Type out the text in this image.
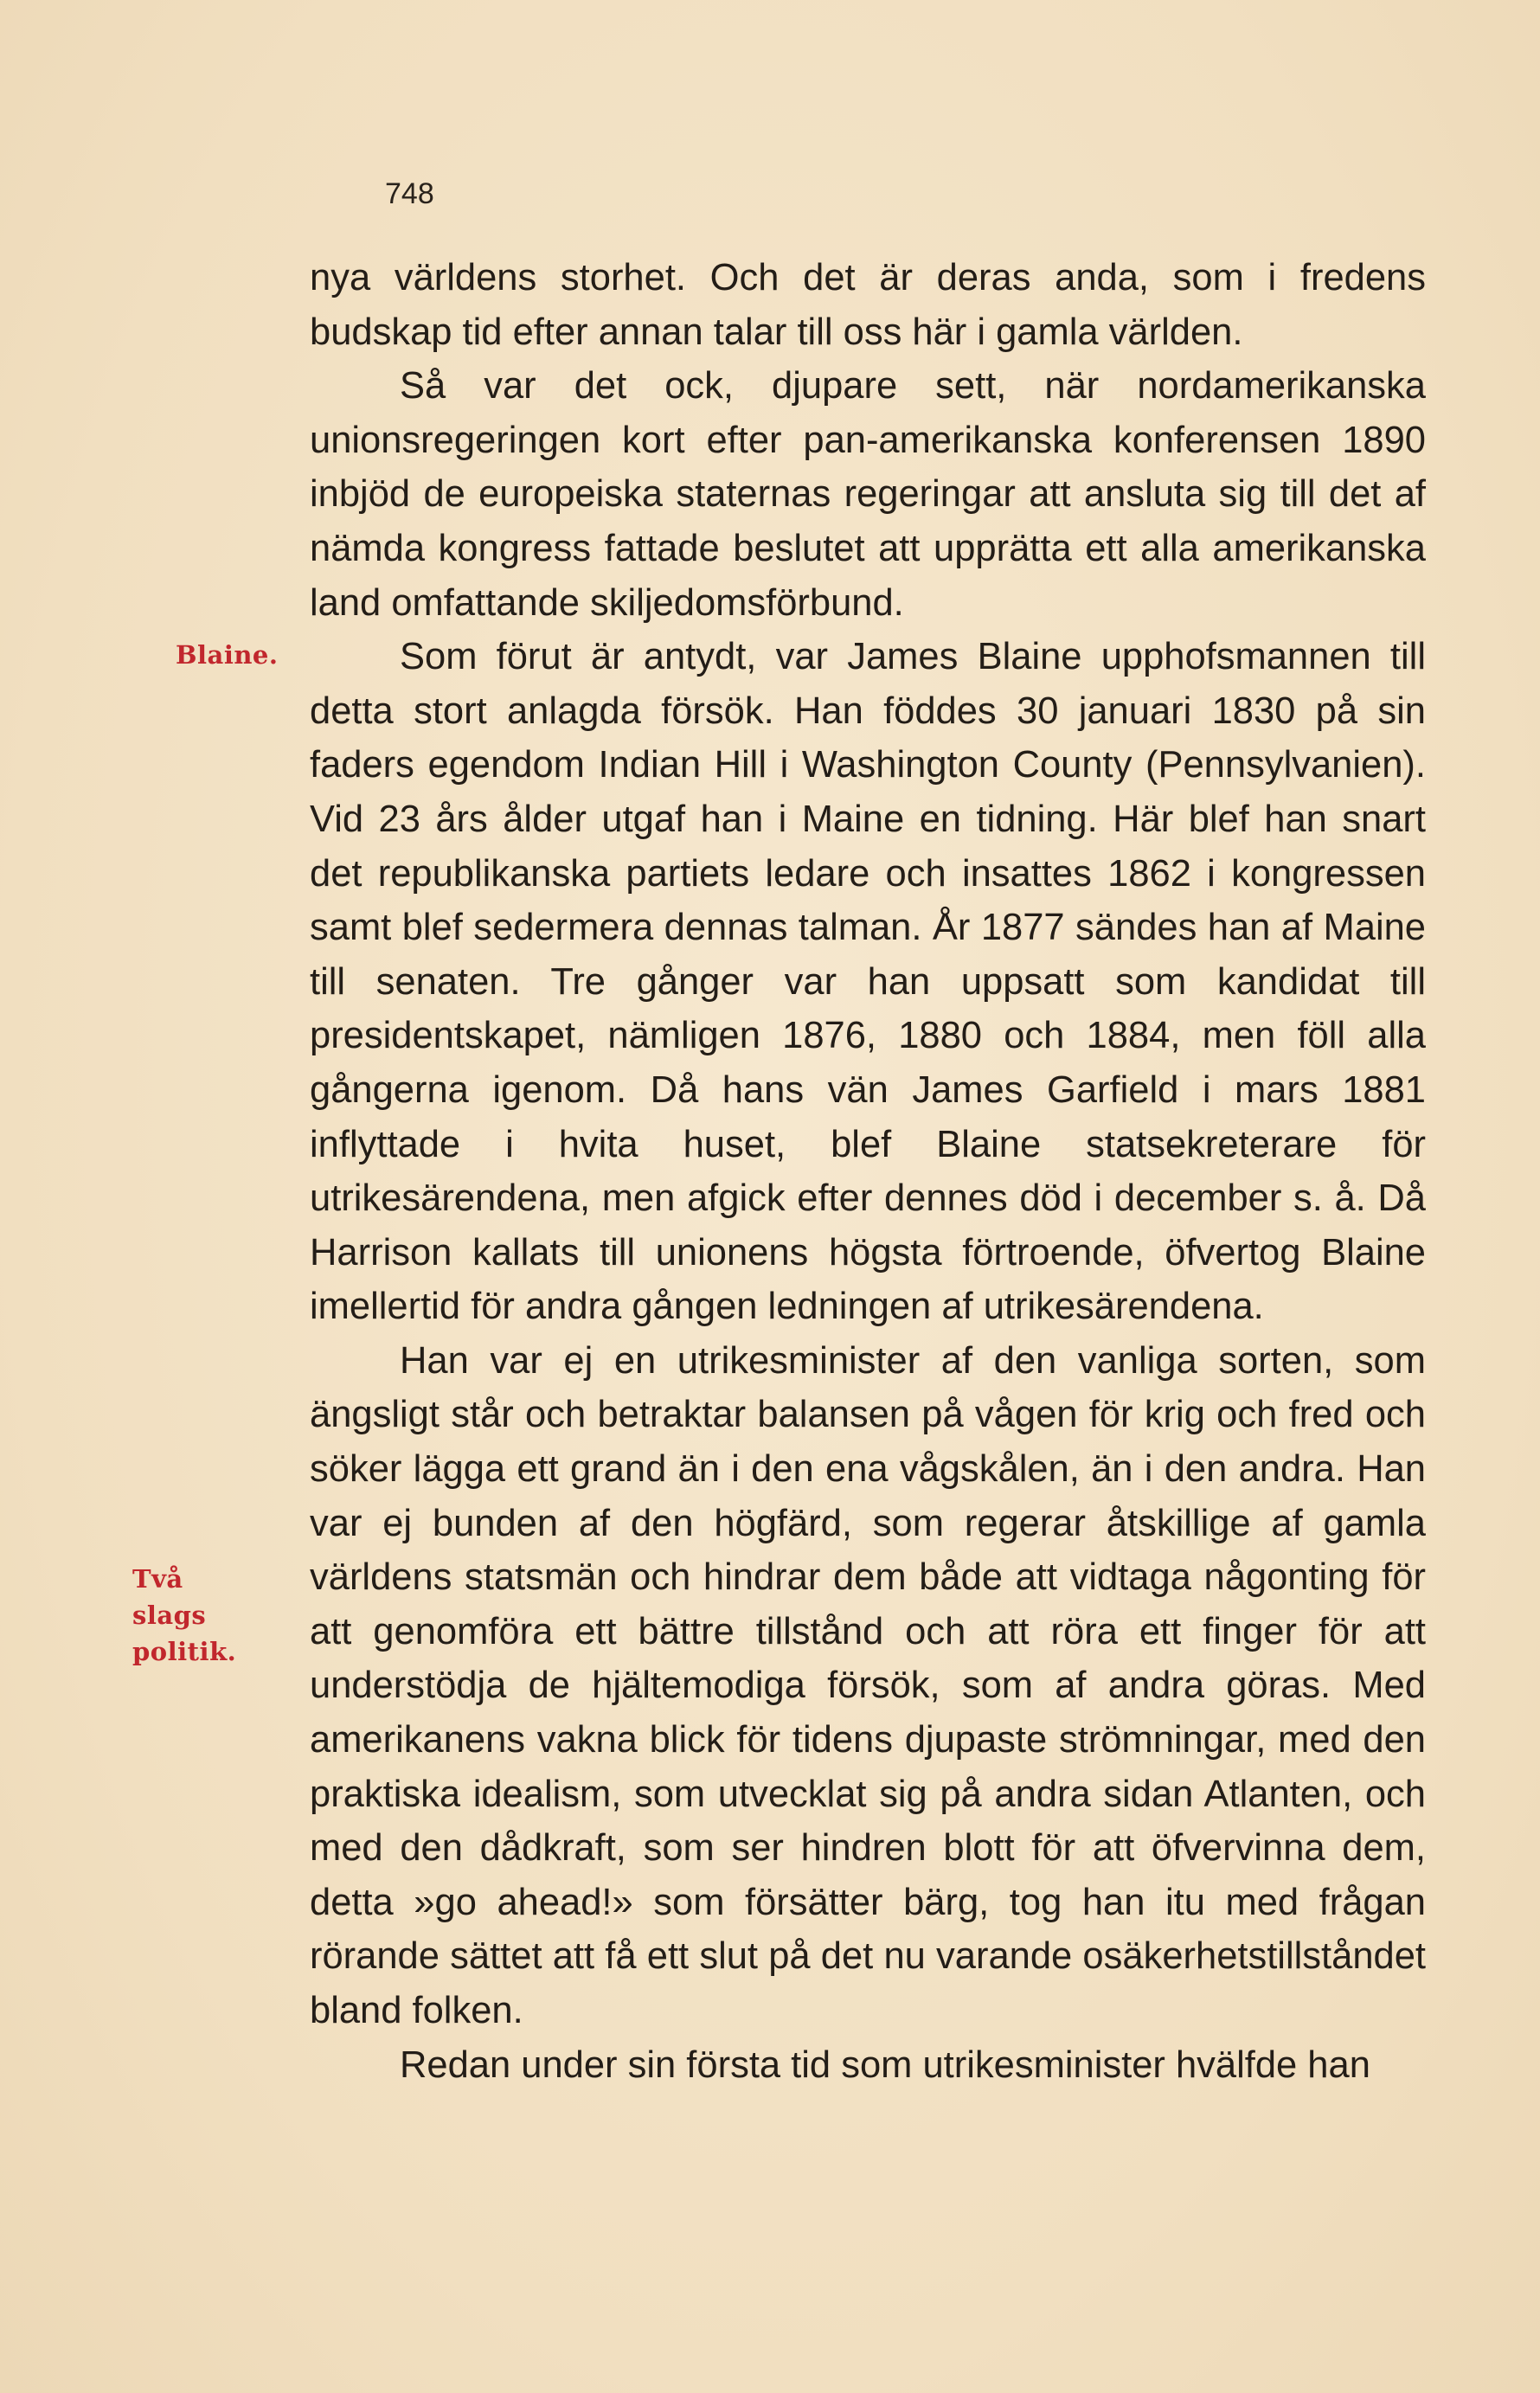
748
Blaine.
Två slags
politik.

nya världens storhet. Och det är deras anda, som i fredens budskap tid efter annan talar till oss här i gamla världen.

Så var det ock, djupare sett, när nordamerikanska unionsregeringen kort efter pan-amerikanska konferensen 1890 inbjöd de europeiska staternas regeringar att ansluta sig till det af nämda kongress fattade beslutet att upprätta ett alla amerikanska land omfattande skiljedomsförbund.

Som förut är antydt, var James Blaine upphofsmannen till detta stort anlagda försök. Han föddes 30 januari 1830 på sin faders egendom Indian Hill i Washington County (Pennsylvanien). Vid 23 års ålder utgaf han i Maine en tidning. Här blef han snart det republikanska partiets ledare och insattes 1862 i kongressen samt blef sedermera dennas talman. År 1877 sändes han af Maine till senaten. Tre gånger var han uppsatt som kandidat till presidentskapet, nämligen 1876, 1880 och 1884, men föll alla gångerna igenom. Då hans vän James Garfield i mars 1881 inflyttade i hvita huset, blef Blaine statsekreterare för utrikesärendena, men afgick efter dennes död i december s. å. Då Harrison kallats till unionens högsta förtroende, öfvertog Blaine imellertid för andra gången ledningen af utrikesärendena.

Han var ej en utrikesminister af den vanliga sorten, som ängsligt står och betraktar balansen på vågen för krig och fred och söker lägga ett grand än i den ena vågskålen, än i den andra. Han var ej bunden af den högfärd, som regerar åtskillige af gamla världens statsmän och hindrar dem både att vidtaga någonting för att genomföra ett bättre tillstånd och att röra ett finger för att understödja de hjältemodiga försök, som af andra göras. Med amerikanens vakna blick för tidens djupaste strömningar, med den praktiska idealism, som utvecklat sig på andra sidan Atlanten, och med den dådkraft, som ser hindren blott för att öfvervinna dem, detta »go ahead!» som försätter bärg, tog han itu med frågan rörande sättet att få ett slut på det nu varande osäkerhetstillståndet bland folken.

Redan under sin första tid som utrikesminister hvälfde han
